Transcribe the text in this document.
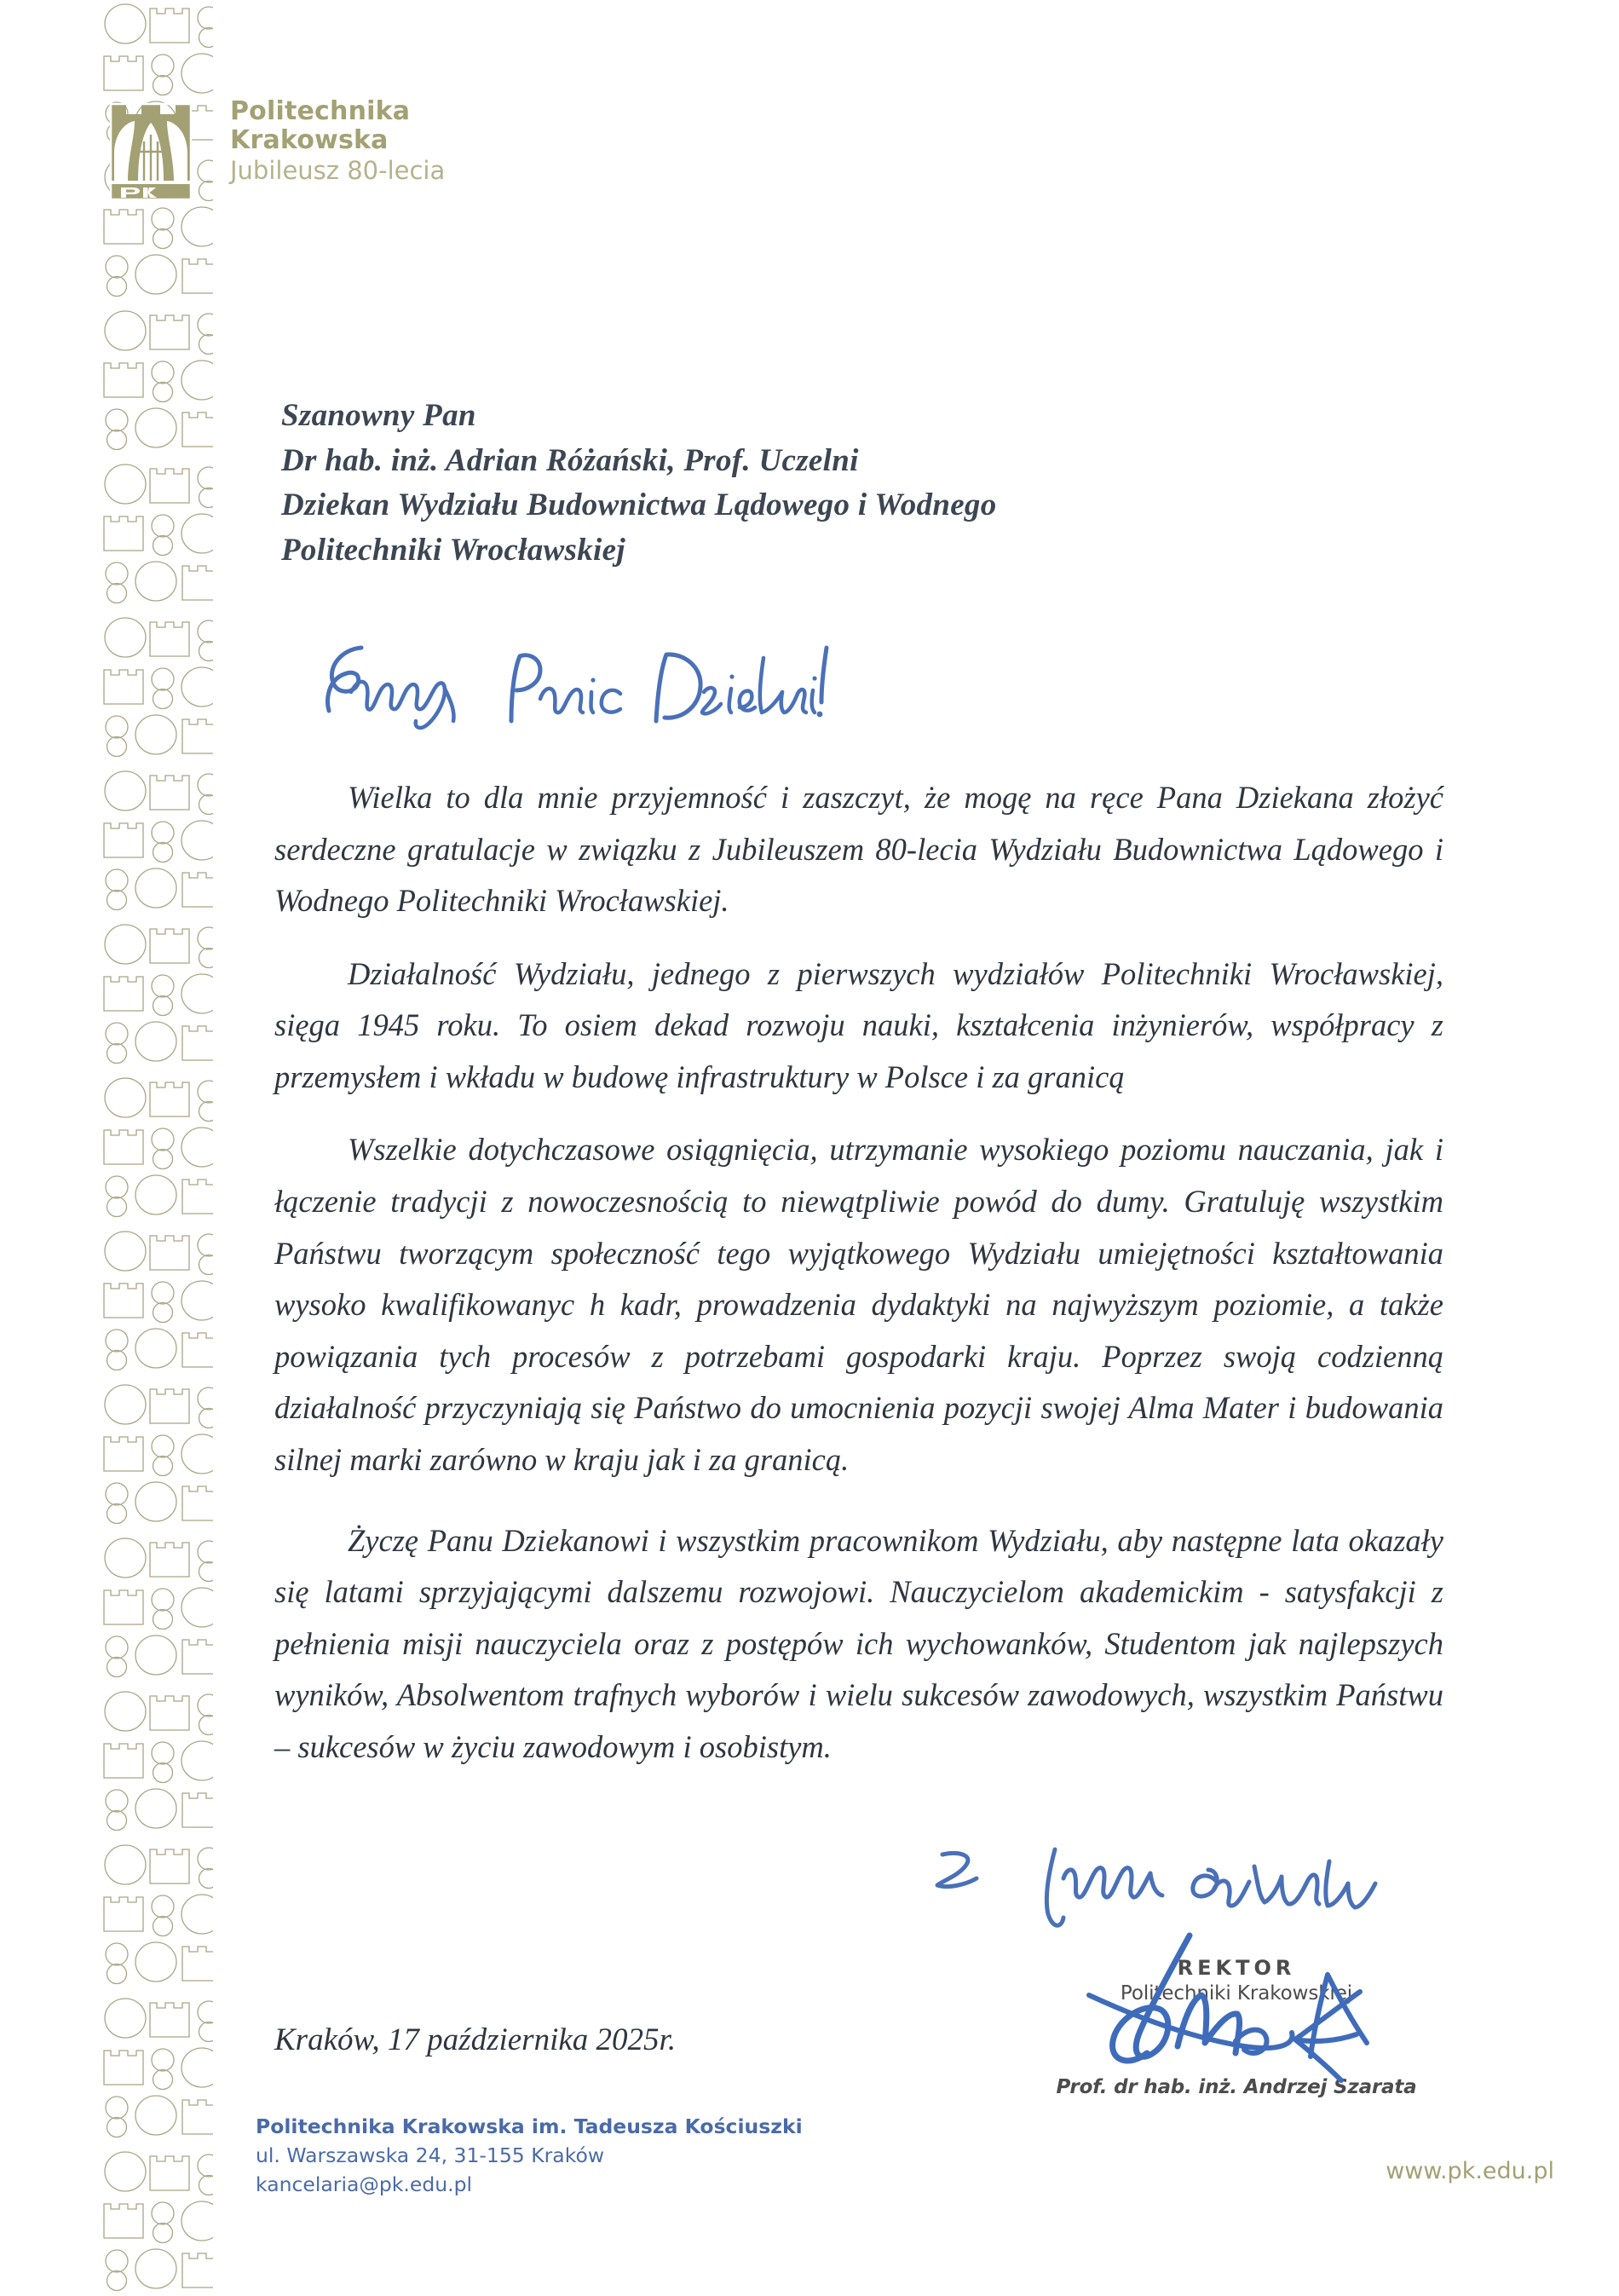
Politechnika
Krakowska
Jubileusz 80-lecia
Szanowny Pan
Dr hab. inż. Adrian Różański, Prof. Uczelni
Dziekan Wydziału Budownictwa Lądowego i Wodnego
Politechniki Wrocławskiej

Wielka to dla mnie przyjemność i zaszczyt, że mogę na ręce Pana Dziekana złożyć serdeczne gratulacje w związku z Jubileuszem 80-lecia Wydziału Budownictwa Lądowego i Wodnego Politechniki Wrocławskiej.

Działalność Wydziału, jednego z pierwszych wydziałów Politechniki Wrocławskiej, sięga 1945 roku. To osiem dekad rozwoju nauki, kształcenia inżynierów, współpracy z przemysłem i wkładu w budowę infrastruktury w Polsce i za granicą

Wszelkie dotychczasowe osiągnięcia, utrzymanie wysokiego poziomu nauczania, jak i łączenie tradycji z nowoczesnością to niewątpliwie powód do dumy. Gratuluję wszystkim Państwu tworzącym społeczność tego wyjątkowego Wydziału umiejętności kształtowania wysoko kwalifikowanyc h kadr, prowadzenia dydaktyki na najwyższym poziomie, a także powiązania tych procesów z potrzebami gospodarki kraju. Poprzez swoją codzienną działalność przyczyniają się Państwo do umocnienia pozycji swojej Alma Mater i budowania silnej marki zarówno w kraju jak i za granicą.

Życzę Panu Dziekanowi i wszystkim pracownikom Wydziału, aby następne lata okazały się latami sprzyjającymi dalszemu rozwojowi. Nauczycielom akademickim - satysfakcji z pełnienia misji nauczyciela oraz z postępów ich wychowanków, Studentom jak najlepszych wyników, Absolwentom trafnych wyborów i wielu sukcesów zawodowych, wszystkim Państwu – sukcesów w życiu zawodowym i osobistym.

REKTOR
Politechniki Krakowskiej
Prof. dr hab. inż. Andrzej Szarata
Kraków, 17 października 2025r.
Politechnika Krakowska im. Tadeusza Kościuszki
ul. Warszawska 24, 31-155 Kraków
kancelaria@pk.edu.pl
www.pk.edu.pl
